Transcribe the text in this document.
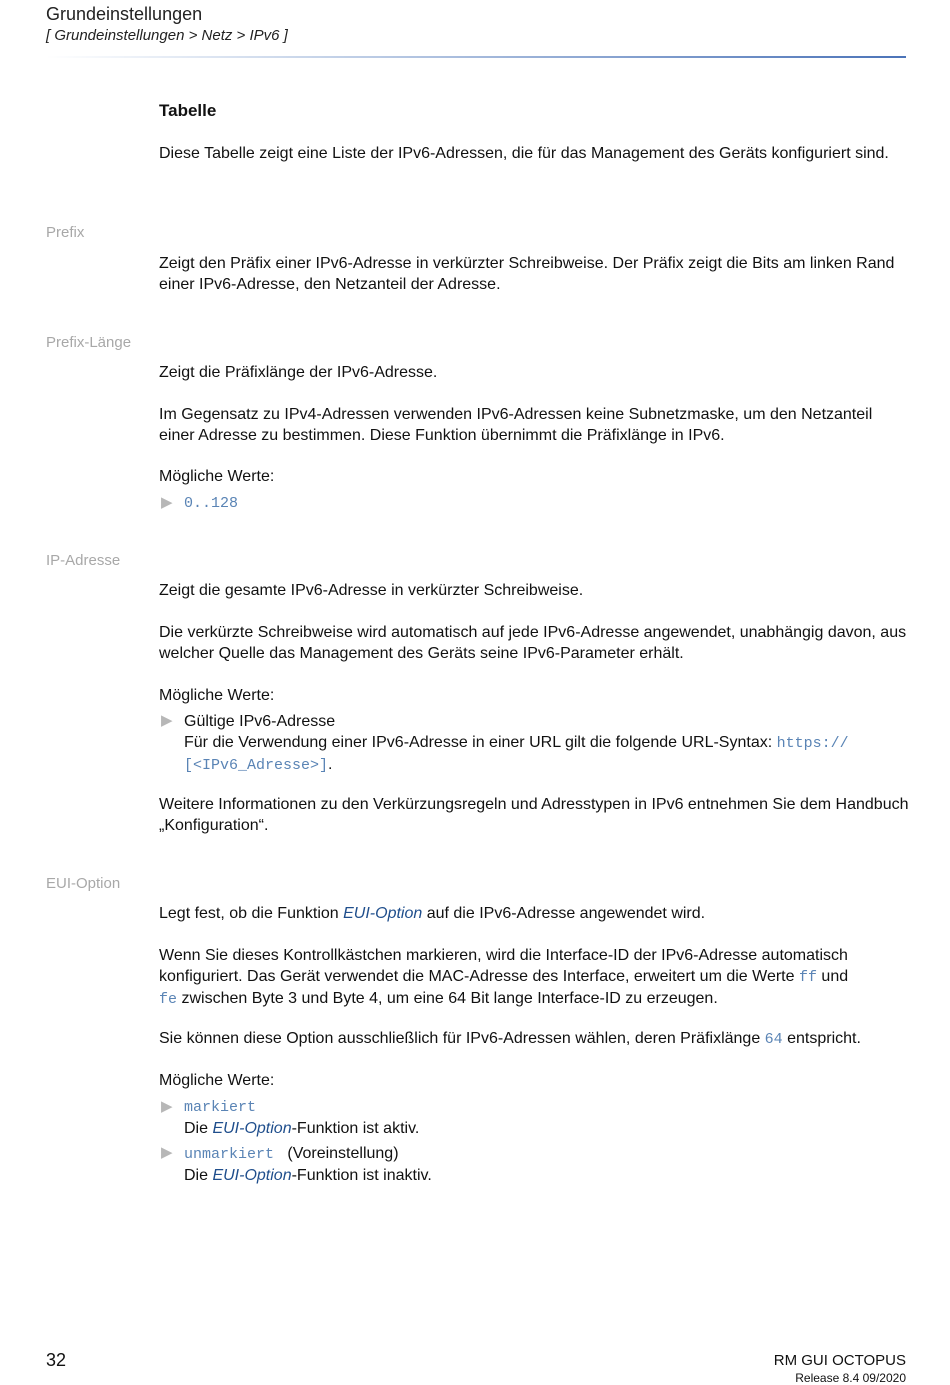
Grundeinstellungen
[ Grundeinstellungen > Netz > IPv6 ]
Tabelle
Diese Tabelle zeigt eine Liste der IPv6-Adressen, die für das Management des Geräts konfiguriert sind.
Prefix
Zeigt den Präfix einer IPv6-Adresse in verkürzter Schreibweise. Der Präfix zeigt die Bits am linken Rand einer IPv6-Adresse, den Netzanteil der Adresse.
Prefix-Länge
Zeigt die Präfixlänge der IPv6-Adresse.
Im Gegensatz zu IPv4-Adressen verwenden IPv6-Adressen keine Subnetzmaske, um den Netzanteil einer Adresse zu bestimmen. Diese Funktion übernimmt die Präfixlänge in IPv6.
Mögliche Werte:
▶ 0..128
IP-Adresse
Zeigt die gesamte IPv6-Adresse in verkürzter Schreibweise.
Die verkürzte Schreibweise wird automatisch auf jede IPv6-Adresse angewendet, unabhängig davon, aus welcher Quelle das Management des Geräts seine IPv6-Parameter erhält.
Mögliche Werte:
▶ Gültige IPv6-Adresse
Für die Verwendung einer IPv6-Adresse in einer URL gilt die folgende URL-Syntax: https://
[<IPv6_Adresse>].
Weitere Informationen zu den Verkürzungsregeln und Adresstypen in IPv6 entnehmen Sie dem Handbuch „Konfiguration“.
EUI-Option
Legt fest, ob die Funktion EUI-Option auf die IPv6-Adresse angewendet wird.
Wenn Sie dieses Kontrollkästchen markieren, wird die Interface-ID der IPv6-Adresse automatisch konfiguriert. Das Gerät verwendet die MAC-Adresse des Interface, erweitert um die Werte ff und
fe zwischen Byte 3 und Byte 4, um eine 64 Bit lange Interface-ID zu erzeugen.
Sie können diese Option ausschließlich für IPv6-Adressen wählen, deren Präfixlänge 64 entspricht.
Mögliche Werte:
▶ markiert
Die EUI-Option-Funktion ist aktiv.
▶ unmarkiert (Voreinstellung)
Die EUI-Option-Funktion ist inaktiv.
32	RM GUI OCTOPUS
Release 8.4 09/2020
